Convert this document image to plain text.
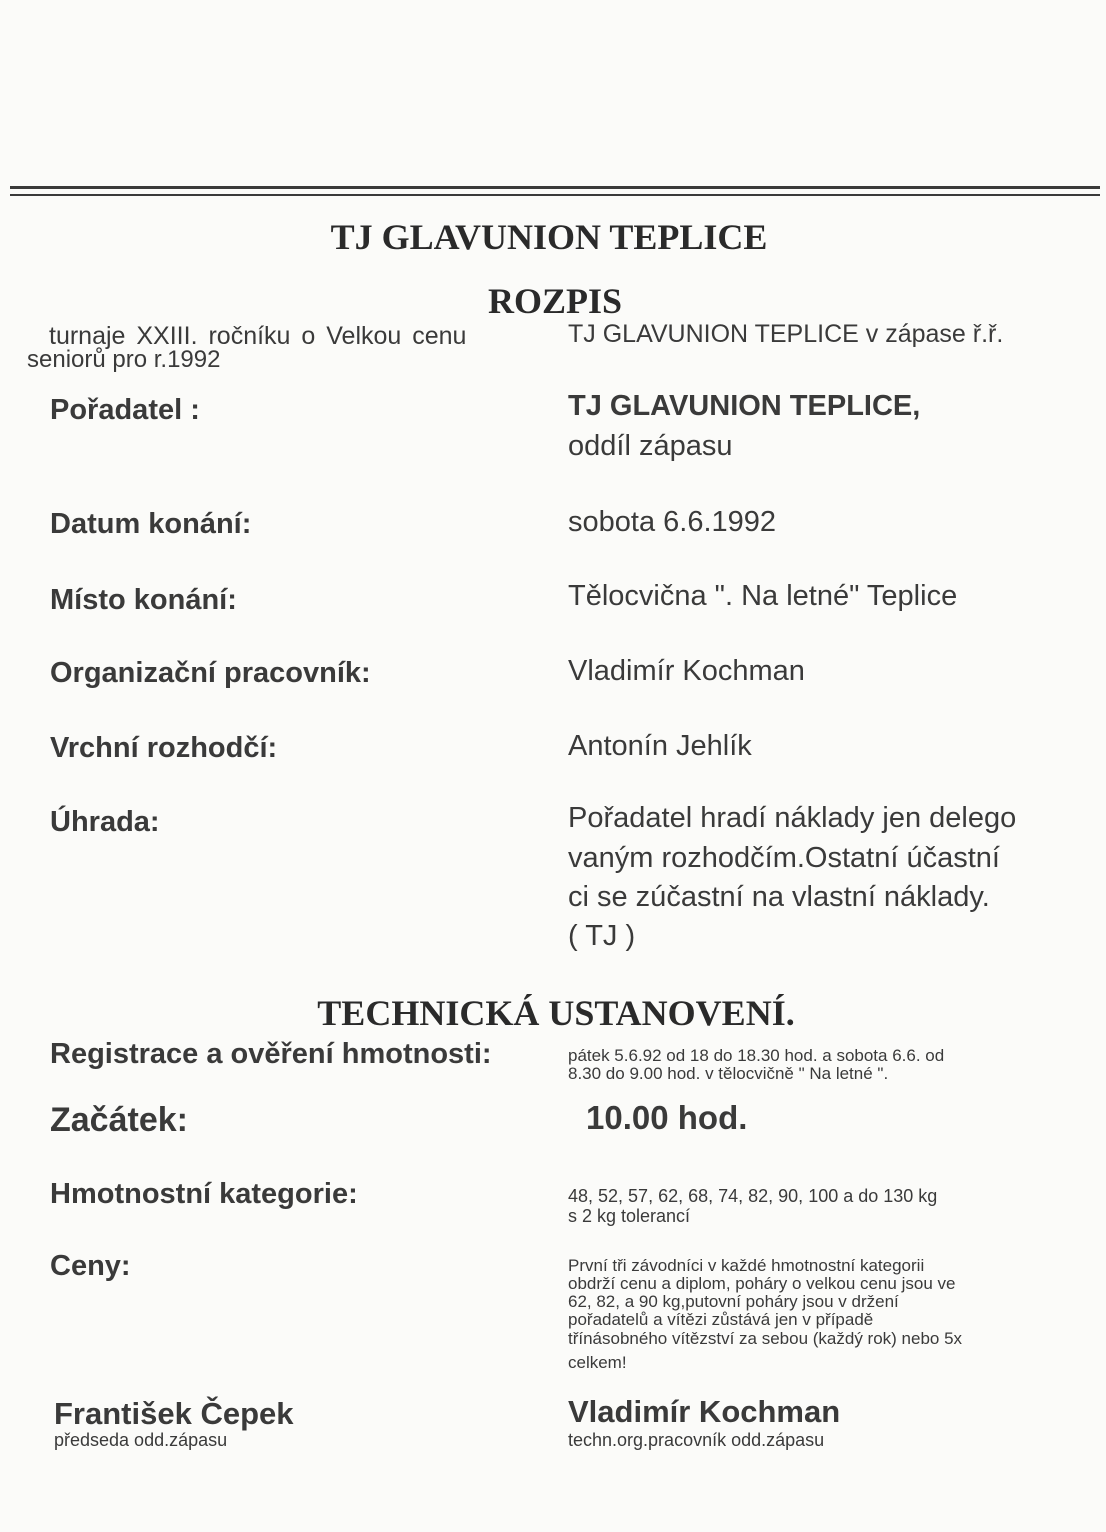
TJ GLAVUNION TEPLICE
ROZPIS
turnaje XXIII. ročníku o Velkou cenu	TJ GLAVUNION TEPLICE v zápase ř.ř.
seniorů pro r.1992
Pořadatel :	TJ GLAVUNION TEPLICE,
oddíl zápasu
Datum konání:	sobota 6.6.1992
Místo konání:	Tělocvična ". Na letné" Teplice
Organizační pracovník:	Vladimír Kochman
Vrchní rozhodčí:	Antonín Jehlík
Úhrada:	Pořadatel hradí náklady jen delego
vaným rozhodčím.Ostatní účastní
ci se zúčastní na vlastní náklady.
( TJ )
TECHNICKÁ USTANOVENÍ.
Registrace a ověření hmotnosti:	pátek 5.6.92 od 18 do 18.30 hod. a sobota 6.6. od
8.30 do 9.00 hod. v tělocvičně " Na letné ".
Začátek:	10.00 hod.
Hmotnostní kategorie:	48, 52, 57, 62, 68, 74, 82, 90, 100 a do 130 kg
s 2 kg tolerancí
Ceny:	První tři závodníci v každé hmotnostní kategorii
obdrží cenu a diplom, poháry o velkou cenu jsou ve
62, 82, a 90 kg,putovní poháry jsou v držení
pořadatelů a vítězi zůstává jen v případě
třínásobného vítězství za sebou (každý rok) nebo 5x
celkem!
František Čepek
předseda odd.zápasu
Vladimír Kochman
techn.org.pracovník odd.zápasu
